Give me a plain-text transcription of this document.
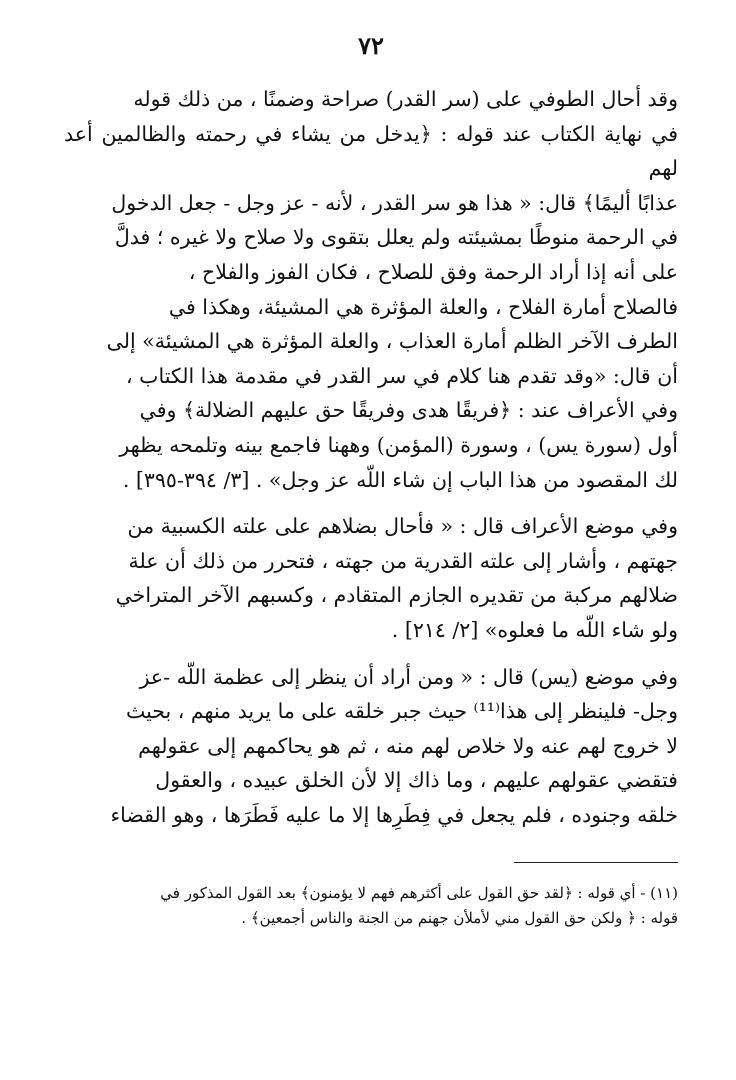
٧٢
وقد أحال الطوفي على (سر القدر) صراحة وضمنًا ، من ذلك قوله
في نهاية الكتاب عند قوله : ﴿يدخل من يشاء في رحمته والظالمين أعد لهم
عذابًا أليمًا﴾ قال: « هذا هو سر القدر ، لأنه - عز وجل - جعل الدخول
في الرحمة منوطًا بمشيئته ولم يعلل بتقوى ولا صلاح ولا غيره ؛ فدلَّ
على أنه إذا أراد الرحمة وفق للصلاح ، فكان الفوز والفلاح ،
فالصلاح أمارة الفلاح ، والعلة المؤثرة هي المشيئة، وهكذا في
الطرف الآخر الظلم أمارة العذاب ، والعلة المؤثرة هي المشيئة» إلى
أن قال: «وقد تقدم هنا كلام في سر القدر في مقدمة هذا الكتاب ،
وفي الأعراف عند : ﴿فريقًا هدى وفريقًا حق عليهم الضلالة﴾ وفي
أول (سورة يس) ، وسورة (المؤمن) وههنا فاجمع بينه وتلمحه يظهر
لك المقصود من هذا الباب إن شاء اللّه عز وجل» . [٣/ ٣٩٤-٣٩٥] .
وفي موضع الأعراف قال : « فأحال بضلاهم على علته الكسبية من
جهتهم ، وأشار إلى علته القدرية من جهته ، فتحرر من ذلك أن علة
ضلالهم مركبة من تقديره الجازم المتقادم ، وكسبهم الآخر المتراخي
ولو شاء اللّه ما فعلوه» [٢/ ٢١٤] .
وفي موضع (يس) قال : « ومن أراد أن ينظر إلى عظمة اللّه -عز
وجل- فلينظر إلى هذا⁽¹¹⁾ حيث جبر خلقه على ما يريد منهم ، بحيث
لا خروج لهم عنه ولا خلاص لهم منه ، ثم هو يحاكمهم إلى عقولهم
فتقضي عقولهم عليهم ، وما ذاك إلا لأن الخلق عبيده ، والعقول
خلقه وجنوده ، فلم يجعل في فِطَرِها إلا ما عليه فَطَرَها ، وهو القضاء
(١١) - أي قوله : ﴿لقد حق القول على أكثرهم فهم لا يؤمنون﴾ بعد القول المذكور في
قوله : ﴿ ولكن حق القول مني لأملأن جهنم من الجنة والناس أجمعين﴾ .
